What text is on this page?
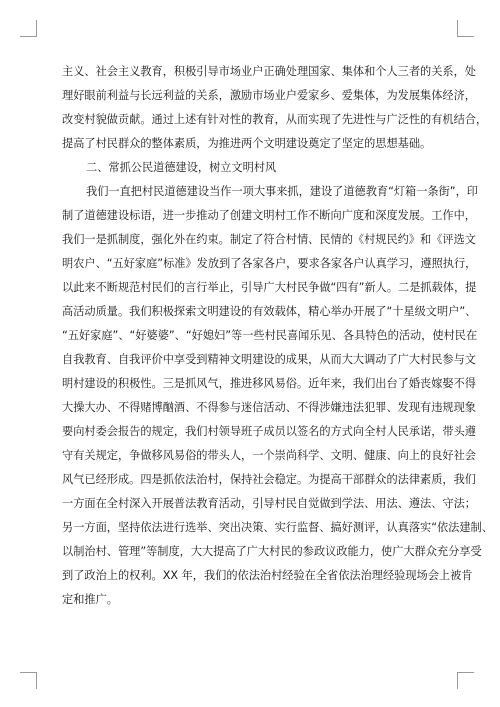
主义、社会主义教育，积极引导市场业户正确处理国家、集体和个人三者的关系，处
理好眼前利益与长远利益的关系，激励市场业户爱家乡、爱集体，为发展集体经济，
改变村貌做贡献。通过上述有针对性的教育，从而实现了先进性与广泛性的有机结合，
提高了村民群众的整体素质，为推进两个文明建设奠定了坚定的思想基础。
二、常抓公民道德建设，树立文明村风
我们一直把村民道德建设当作一项大事来抓，建设了道德教育“灯箱一条街”，印
制了道德建设标语，进一步推动了创建文明村工作不断向广度和深度发展。工作中，
我们一是抓制度，强化外在约束。制定了符合村情、民情的《村规民约》和《评选文
明农户、“五好家庭”标准》发放到了各家各户，要求各家各户认真学习，遵照执行，
以此来不断规范村民们的言行举止，引导广大村民争做“四有”新人。二是抓载体，提
高活动质量。我们积极探索文明建设的有效载体，精心举办开展了“十星级文明户”、
“五好家庭”、“好婆婆”、“好媳妇”等一些村民喜闻乐见、各具特色的活动，使村民在
自我教育、自我评价中享受到精神文明建设的成果，从而大大调动了广大村民参与文
明村建设的积极性。三是抓风气，推进移风易俗。近年来，我们出台了婚丧嫁娶不得
大操大办、不得赌博酗酒、不得参与迷信活动、不得涉嫌违法犯罪、发现有违规现象
要向村委会报告的规定，我们村领导班子成员以签名的方式向全村人民承诺，带头遵
守有关规定，争做移风易俗的带头人，一个崇尚科学、文明、健康、向上的良好社会
风气已经形成。四是抓依法治村，保持社会稳定。为提高干部群众的法律素质，我们
一方面在全村深入开展普法教育活动，引导村民自觉做到学法、用法、遵法、守法；
另一方面，坚持依法进行选举、突出决策、实行监督、搞好测评，认真落实“依法建制、
以制治村、管理”等制度，大大提高了广大村民的参政议政能力，使广大群众充分享受
到了政治上的权利。XX 年，我们的依法治村经验在全省依法治理经验现场会上被肯
定和推广。
